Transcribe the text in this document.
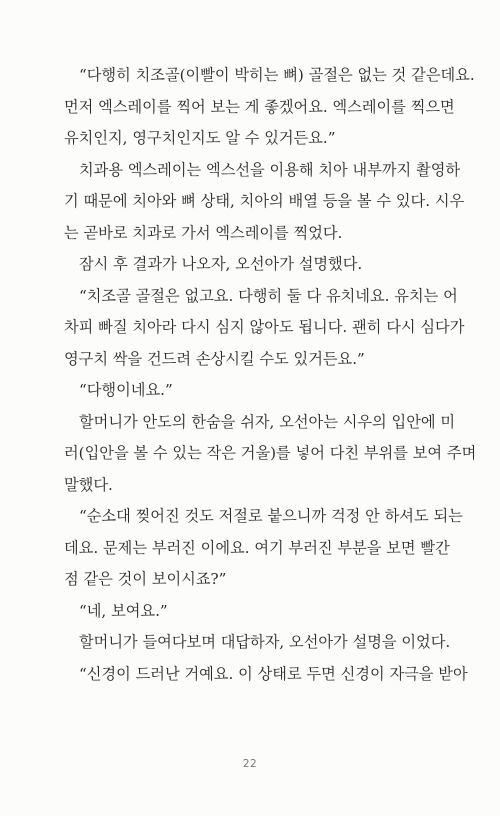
“다행히 치조골(이빨이 박히는 뼈) 골절은 없는 것 같은데요.
먼저 엑스레이를 찍어 보는 게 좋겠어요. 엑스레이를 찍으면
유치인지, 영구치인지도 알 수 있거든요.”
치과용 엑스레이는 엑스선을 이용해 치아 내부까지 촬영하
기 때문에 치아와 뼈 상태, 치아의 배열 등을 볼 수 있다. 시우
는 곧바로 치과로 가서 엑스레이를 찍었다.
잠시 후 결과가 나오자, 오선아가 설명했다.
“치조골 골절은 없고요. 다행히 둘 다 유치네요. 유치는 어
차피 빠질 치아라 다시 심지 않아도 됩니다. 괜히 다시 심다가
영구치 싹을 건드려 손상시킬 수도 있거든요.”
“다행이네요.”
할머니가 안도의 한숨을 쉬자, 오선아는 시우의 입안에 미
러(입안을 볼 수 있는 작은 거울)를 넣어 다친 부위를 보여 주며
말했다.
“순소대 찢어진 것도 저절로 붙으니까 걱정 안 하셔도 되는
데요. 문제는 부러진 이에요. 여기 부러진 부분을 보면 빨간
점 같은 것이 보이시죠?”
“네, 보여요.”
할머니가 들여다보며 대답하자, 오선아가 설명을 이었다.
“신경이 드러난 거예요. 이 상태로 두면 신경이 자극을 받아
22
